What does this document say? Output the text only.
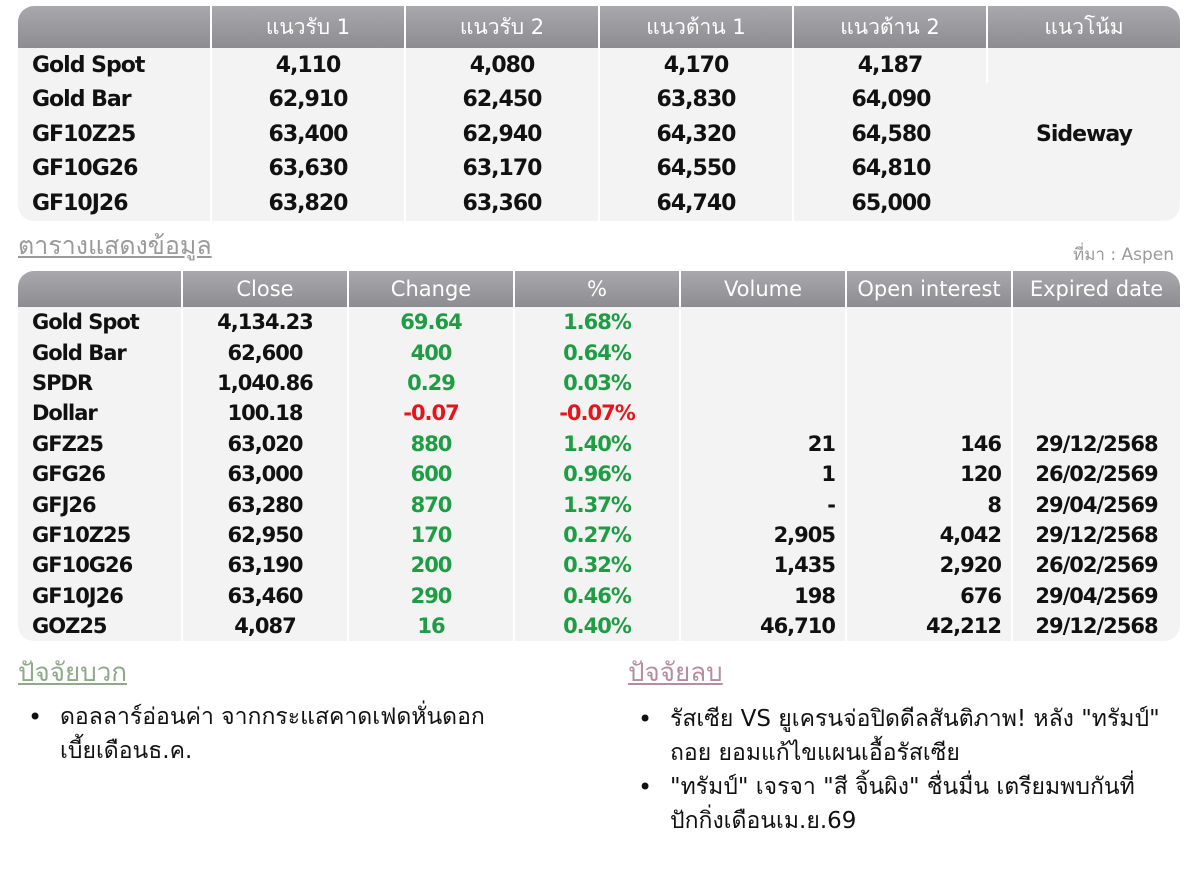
	แนวรับ 1	แนวรับ 2	แนวต้าน 1	แนวต้าน 2	แนวโน้ม
Gold Spot	4,110	4,080	4,170	4,187	Sideway
Gold Bar	62,910	62,450	63,830	64,090	
GF10Z25	63,400	62,940	64,320	64,580	
GF10G26	63,630	63,170	64,550	64,810	
GF10J26	63,820	63,360	64,740	65,000	
ตารางแสดงข้อมูล	ที่มา : Aspen
	Close	Change	%	Volume	Open interest	Expired date
Gold Spot	4,134.23	69.64	1.68%			
Gold Bar	62,600	400	0.64%			
SPDR	1,040.86	0.29	0.03%			
Dollar	100.18	-0.07	-0.07%			
GFZ25	63,020	880	1.40%	21	146	29/12/2568
GFG26	63,000	600	0.96%	1	120	26/02/2569
GFJ26	63,280	870	1.37%	-	8	29/04/2569
GF10Z25	62,950	170	0.27%	2,905	4,042	29/12/2568
GF10G26	63,190	200	0.32%	1,435	2,920	26/02/2569
GF10J26	63,460	290	0.46%	198	676	29/04/2569
GOZ25	4,087	16	0.40%	46,710	42,212	29/12/2568
ปัจจัยบวก
• ดอลลาร์อ่อนค่า จากกระแสคาดเฟดหั่นดอกเบี้ยเดือนธ.ค.
ปัจจัยลบ
• รัสเซีย VS ยูเครนจ่อปิดดีลสันติภาพ! หลัง "ทรัมป์" ถอย ยอมแก้ไขแผนเอื้อรัสเซีย
• "ทรัมป์" เจรจา "สี จิ้นผิง" ชื่นมื่น เตรียมพบกันที่ปักกิ่งเดือนเม.ย.69
